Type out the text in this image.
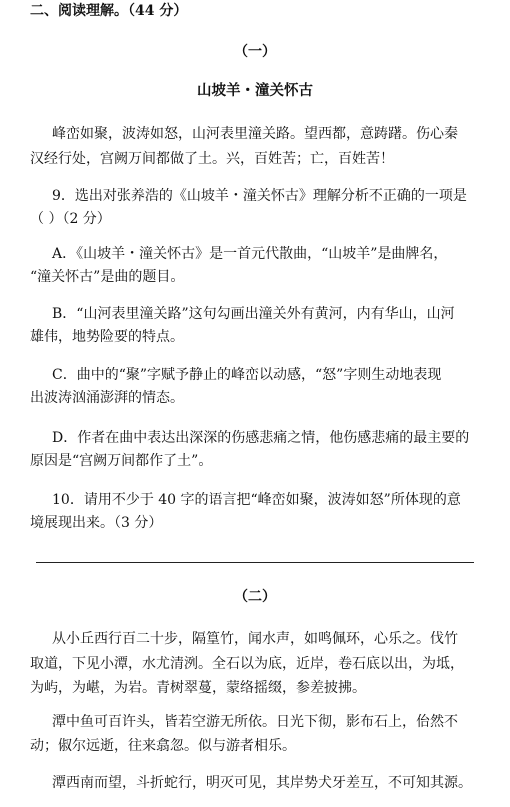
二、阅读理解。（44 分）
（一）
山坡羊・潼关怀古
峰峦如聚，波涛如怒，山河表里潼关路。望西都，意踌躇。伤心秦
汉经行处，宫阙万间都做了土。兴，百姓苦；亡，百姓苦！
9．选出对张养浩的《山坡羊・潼关怀古》理解分析不正确的一项是
（ ）（2 分）
A．《山坡羊・潼关怀古》是一首元代散曲，“山坡羊”是曲牌名，
“潼关怀古”是曲的题目。
B．“山河表里潼关路”这句勾画出潼关外有黄河，内有华山，山河
雄伟，地势险要的特点。
C．曲中的“聚”字赋予静止的峰峦以动感，“怒”字则生动地表现
出波涛汹涌澎湃的情态。
D．作者在曲中表达出深深的伤感悲痛之情，他伤感悲痛的最主要的
原因是“宫阙万间都作了土”。
10．请用不少于 40 字的语言把“峰峦如聚，波涛如怒”所体现的意
境展现出来。（3 分）
（二）
从小丘西行百二十步，隔篁竹，闻水声，如鸣佩环，心乐之。伐竹
取道，下见小潭，水尤清洌。全石以为底，近岸，卷石底以出，为坻，
为屿，为嵁，为岩。青树翠蔓，蒙络摇缀，参差披拂。
潭中鱼可百许头，皆若空游无所依。日光下彻，影布石上，佁然不
动；俶尔远逝，往来翕忽。似与游者相乐。
潭西南而望，斗折蛇行，明灭可见，其岸势犬牙差互，不可知其源。
